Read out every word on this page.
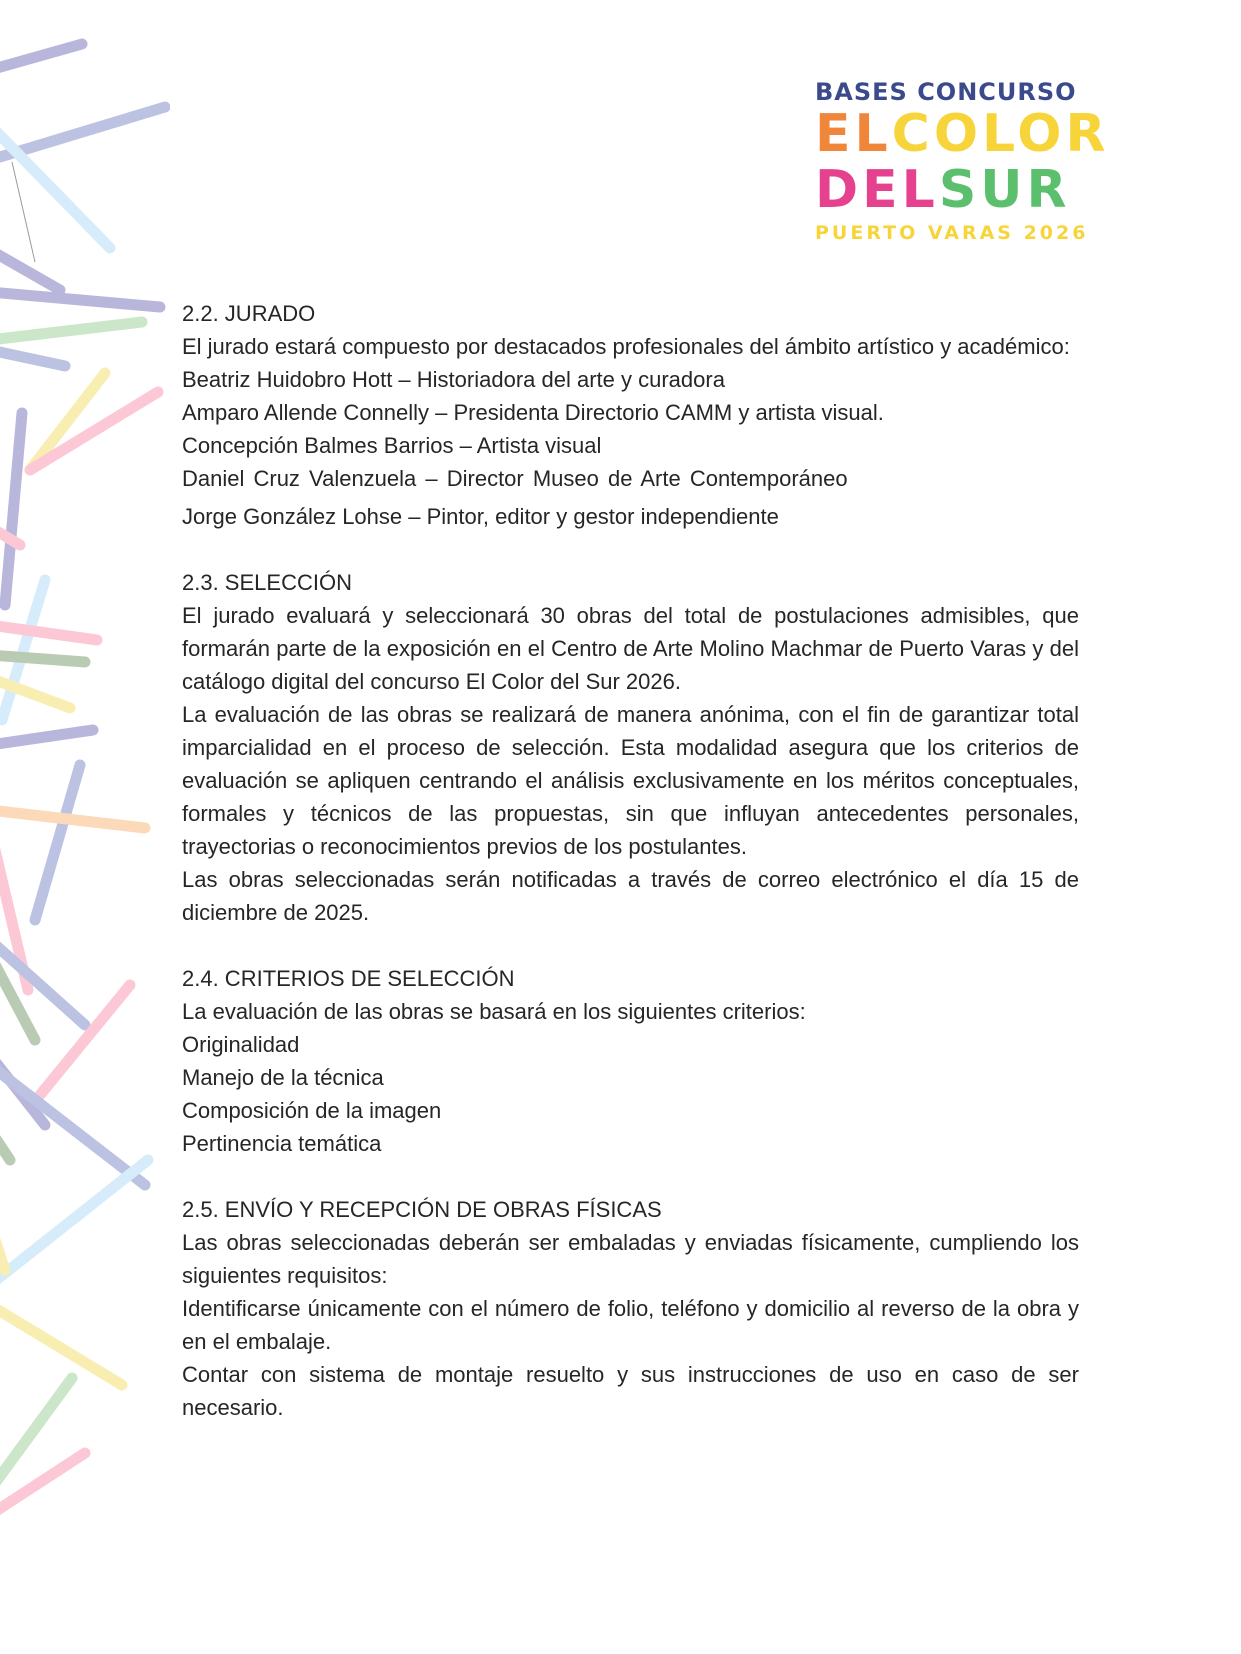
BASES CONCURSO
ELCOLOR
DELSUR
PUERTO VARAS 2026
2.2. JURADO

El jurado estará compuesto por destacados profesionales del ámbito artístico y académico:

Beatriz Huidobro Hott – Historiadora del arte y curadora

Amparo Allende Connelly – Presidenta Directorio CAMM y artista visual.

Concepción Balmes Barrios – Artista visual

Daniel Cruz Valenzuela – Director Museo de Arte Contemporáneo

Jorge González Lohse – Pintor, editor y gestor independiente

2.3. SELECCIÓN

El jurado evaluará y seleccionará 30 obras del total de postulaciones admisibles, que formarán parte de la exposición en el Centro de Arte Molino Machmar de Puerto Varas y del catálogo digital del concurso El Color del Sur 2026.

La evaluación de las obras se realizará de manera anónima, con el fin de garantizar total imparcialidad en el proceso de selección. Esta modalidad asegura que los criterios de evaluación se apliquen centrando el análisis exclusivamente en los méritos conceptuales, formales y técnicos de las propuestas, sin que influyan antecedentes personales, trayectorias o reconocimientos previos de los postulantes.

Las obras seleccionadas serán notificadas a través de correo electrónico el día 15 de diciembre de 2025.

2.4. CRITERIOS DE SELECCIÓN

La evaluación de las obras se basará en los siguientes criterios:

Originalidad

Manejo de la técnica

Composición de la imagen

Pertinencia temática

2.5. ENVÍO Y RECEPCIÓN DE OBRAS FÍSICAS

Las obras seleccionadas deberán ser embaladas y enviadas físicamente, cumpliendo los siguientes requisitos:

Identificarse únicamente con el número de folio, teléfono y domicilio al reverso de la obra y en el embalaje.

Contar con sistema de montaje resuelto y sus instrucciones de uso en caso de ser necesario.
